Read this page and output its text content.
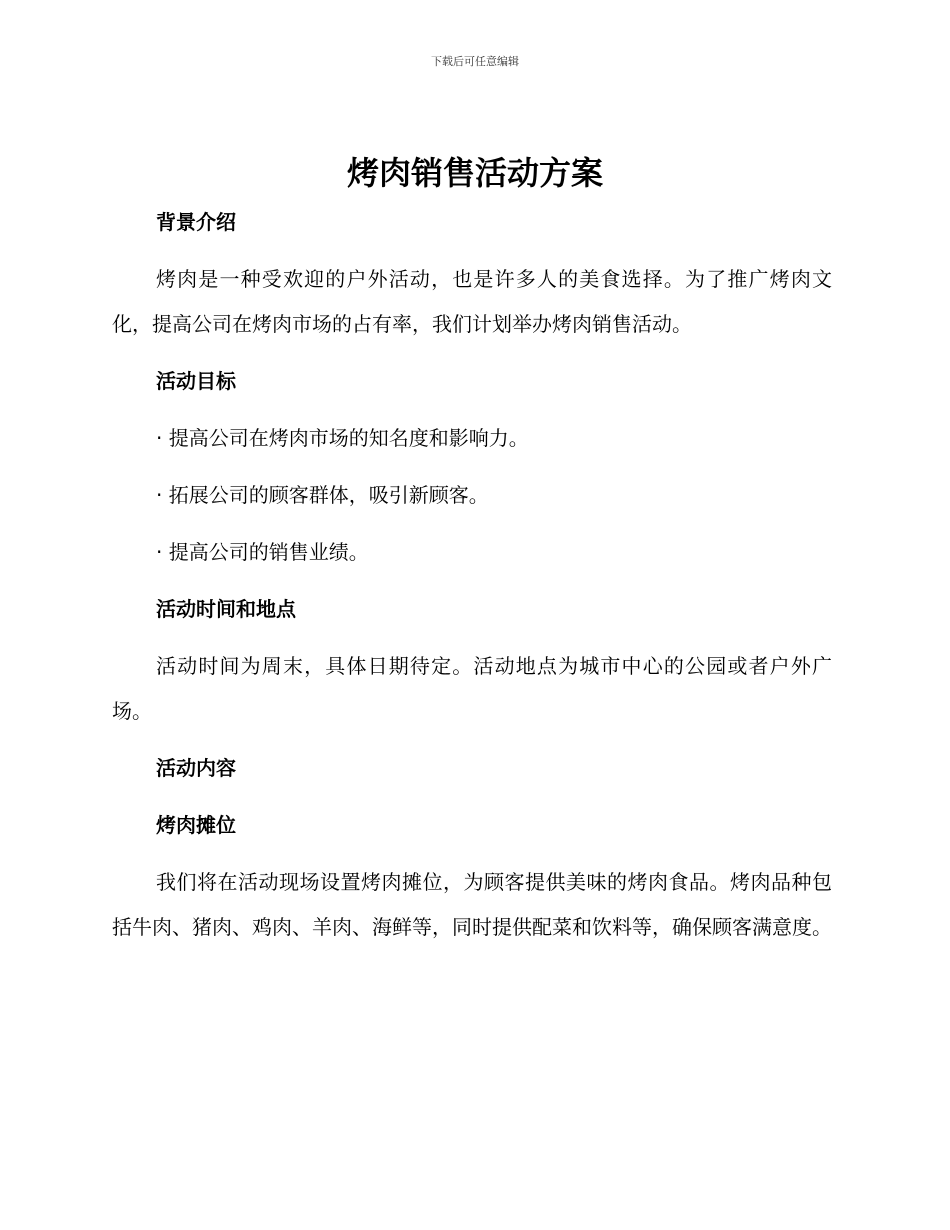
下载后可任意编辑
烤肉销售活动方案
背景介绍
烤肉是一种受欢迎的户外活动，也是许多人的美食选择。为了推广烤肉文化，提高公司在烤肉市场的占有率，我们计划举办烤肉销售活动。
活动目标
· 提高公司在烤肉市场的知名度和影响力。
· 拓展公司的顾客群体，吸引新顾客。
· 提高公司的销售业绩。
活动时间和地点
活动时间为周末，具体日期待定。活动地点为城市中心的公园或者户外广场。
活动内容
烤肉摊位
我们将在活动现场设置烤肉摊位，为顾客提供美味的烤肉食品。烤肉品种包括牛肉、猪肉、鸡肉、羊肉、海鲜等，同时提供配菜和饮料等，确保顾客满意度。
